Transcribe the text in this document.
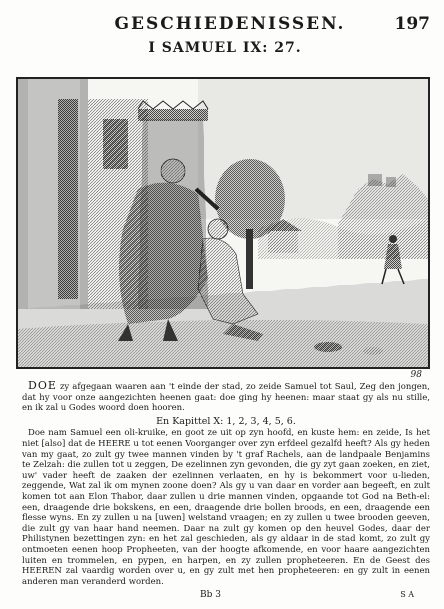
GESCHIEDENISSEN.	197
I SAMUEL IX: 27.
98

DOE zy afgegaan waaren aan 't einde der stad, zo zeide Samuel tot Saul, Zeg den jongen, dat hy voor onze aangezichten heenen gaat: doe ging hy heenen: maar staat gy als nu stille, en ik zal u Godes woord doen hooren.

En Kapittel X: 1, 2, 3, 4, 5, 6.

Doe nam Samuel een oli-kruike, en goot ze uit op zyn hoofd, en kuste hem: en zeide, Is het niet [also] dat de HEERE u tot eenen Voorganger over zyn erfdeel gezalfd heeft? Als gy heden van my gaat, zo zult gy twee mannen vinden by 't graf Rachels, aan de landpaale Benjamins te Zelzah: die zullen tot u zeggen, De ezelinnen zyn gevonden, die gy zyt gaan zoeken, en ziet, uw' vader heeft de zaaken der ezelinnen verlaaten, en hy is bekommert voor u-lieden, zeggende, Wat zal ik om mynen zoone doen? Als gy u van daar en vorder aan begeeft, en zult komen tot aan Elon Thabor, daar zullen u drie mannen vinden, opgaande tot God na Beth-el: een, draagende drie bokskens, en een, draagende drie bollen broods, en een, draagende een flesse wyns. En zy zullen u na [uwen] welstand vraagen; en zy zullen u twee brooden geeven, die zult gy van haar hand neemen. Daar na zult gy komen op den heuvel Godes, daar der Philistynen bezettingen zyn: en het zal geschieden, als gy aldaar in de stad komt, zo zult gy ontmoeten eenen hoop Propheeten, van der hoogte afkomende, en voor haare aangezichten luiten en trommelen, en pypen, en harpen, en zy zullen propheteeren. En de Geest des HEEREN zal vaardig worden over u, en gy zult met hen propheteeren: en gy zult in eenen anderen man veranderd worden.

Bb 3	S A
